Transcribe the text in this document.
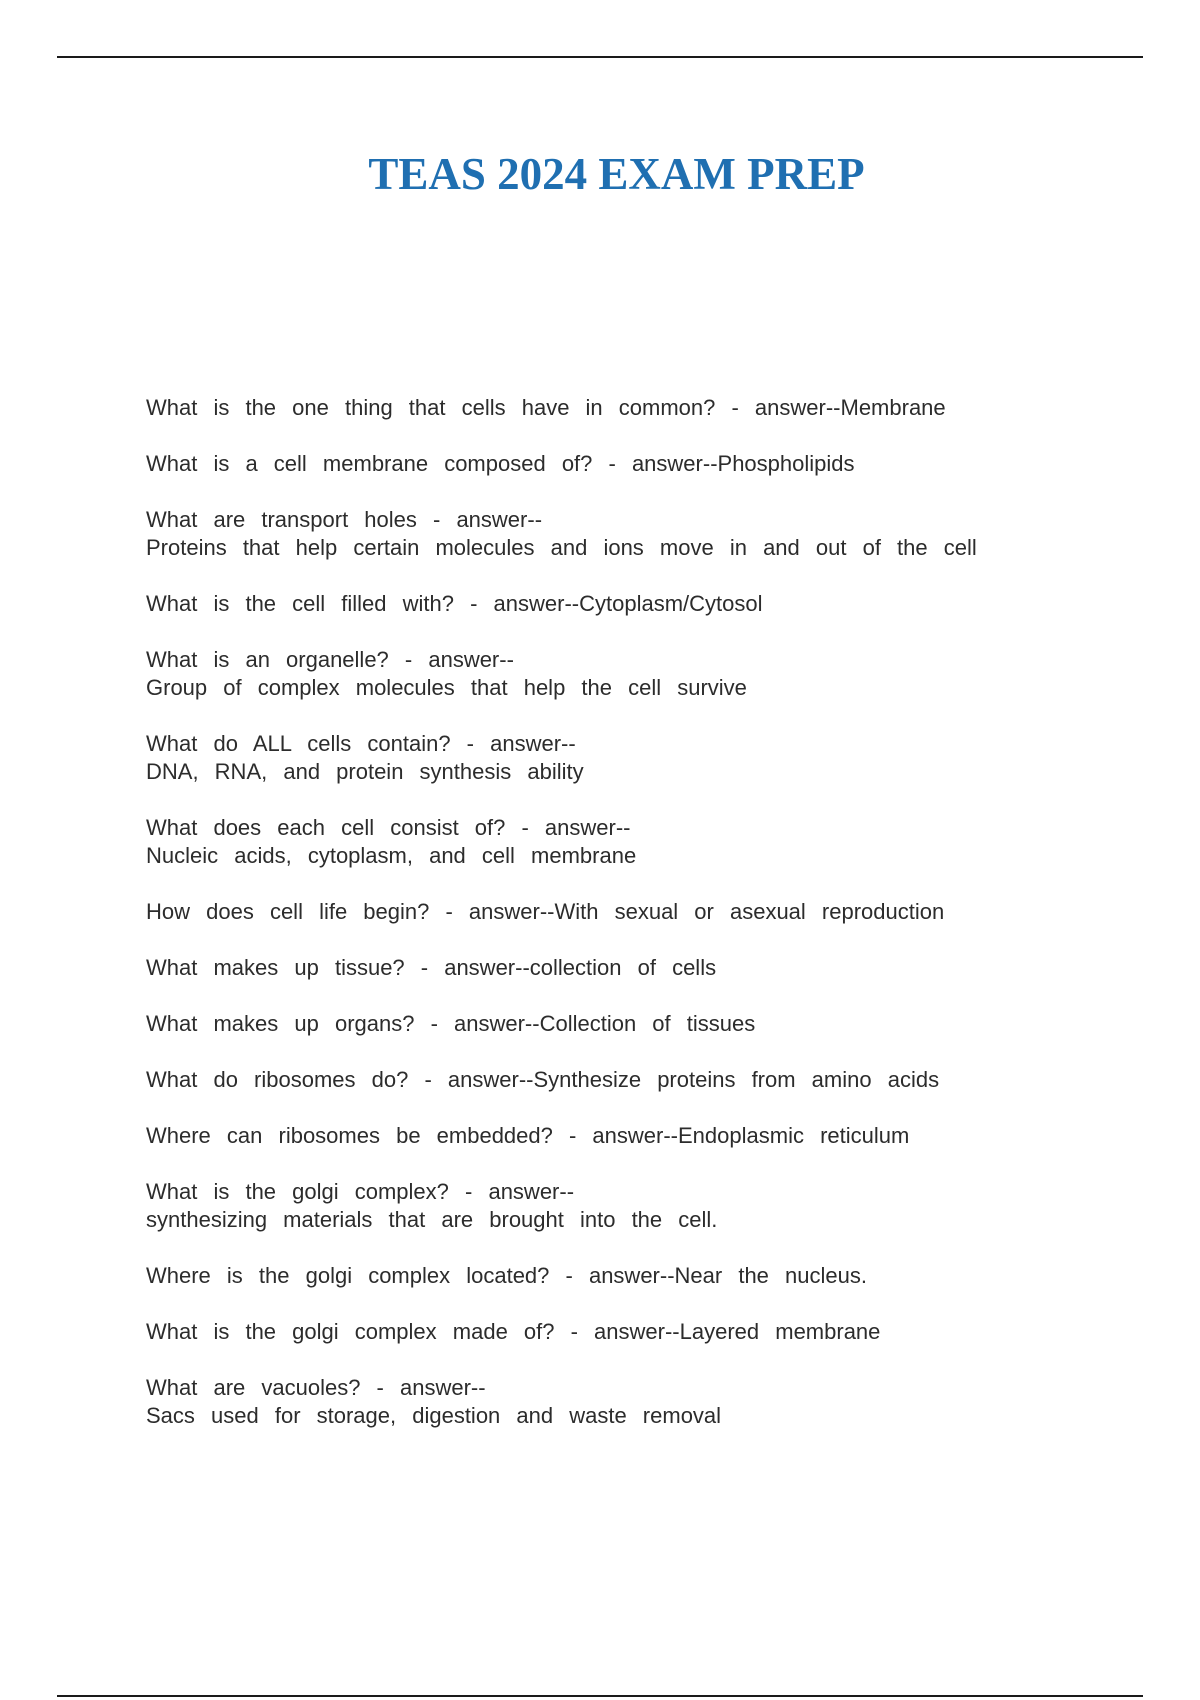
TEAS 2024 EXAM PREP
What is the one thing that cells have in common? - answer--Membrane
What is a cell membrane composed of? - answer--Phospholipids
What are transport holes - answer--
Proteins that help certain molecules and ions move in and out of the cell
What is the cell filled with? - answer--Cytoplasm/Cytosol
What is an organelle? - answer--
Group of complex molecules that help the cell survive
What do ALL cells contain? - answer--
DNA, RNA, and protein synthesis ability
What does each cell consist of? - answer--
Nucleic acids, cytoplasm, and cell membrane
How does cell life begin? - answer--With sexual or asexual reproduction
What makes up tissue? - answer--collection of cells
What makes up organs? - answer--Collection of tissues
What do ribosomes do? - answer--Synthesize proteins from amino acids
Where can ribosomes be embedded? - answer--Endoplasmic reticulum
What is the golgi complex? - answer--
synthesizing materials that are brought into the cell.
Where is the golgi complex located? - answer--Near the nucleus.
What is the golgi complex made of? - answer--Layered membrane
What are vacuoles? - answer--
Sacs used for storage, digestion and waste removal
